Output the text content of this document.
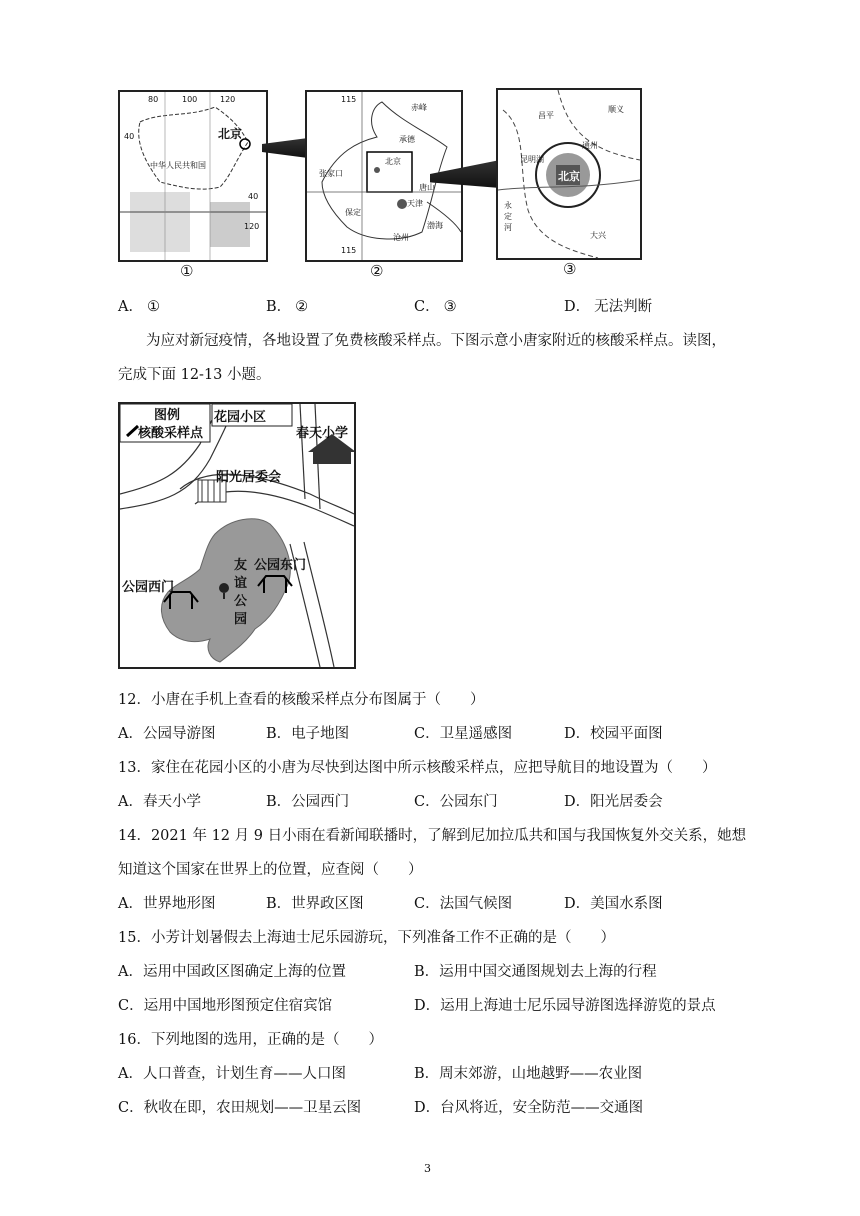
80	100	120
40
40
120
北京
中华人民共和国
①
115
115
赤峰
承德
北京
张家口
天津
唐山
保定
沧州
渤海
②
顺义
昌平
通州
北京
大兴
永定河
昆明湖
③
A． ①	B． ②	C． ③	D． 无法判断
为应对新冠疫情，各地设置了免费核酸采样点。下图示意小唐家附近的核酸采样点。读图，
完成下面 12-13 小题。
图例
核酸采样点
花园小区
春天小学
阳光居委会
友
谊
公
园
公园东门
公园西门
12．小唐在手机上查看的核酸采样点分布图属于（　　）
A．公园导游图	B．电子地图	C．卫星遥感图	D．校园平面图
13．家住在花园小区的小唐为尽快到达图中所示核酸采样点，应把导航目的地设置为（　　）
A．春天小学	B．公园西门	C．公园东门	D．阳光居委会
14．2021 年 12 月 9 日小雨在看新闻联播时，了解到尼加拉瓜共和国与我国恢复外交关系，她想
知道这个国家在世界上的位置，应查阅（　　）
A．世界地形图	B．世界政区图	C．法国气候图	D．美国水系图
15．小芳计划暑假去上海迪士尼乐园游玩，下列准备工作不正确的是（　　）
A．运用中国政区图确定上海的位置	B．运用中国交通图规划去上海的行程
C．运用中国地形图预定住宿宾馆	D．运用上海迪士尼乐园导游图选择游览的景点
16．下列地图的选用，正确的是（　　）
A．人口普查，计划生育——人口图	B．周末郊游，山地越野——农业图
C．秋收在即，农田规划——卫星云图	D．台风将近，安全防范——交通图
3
